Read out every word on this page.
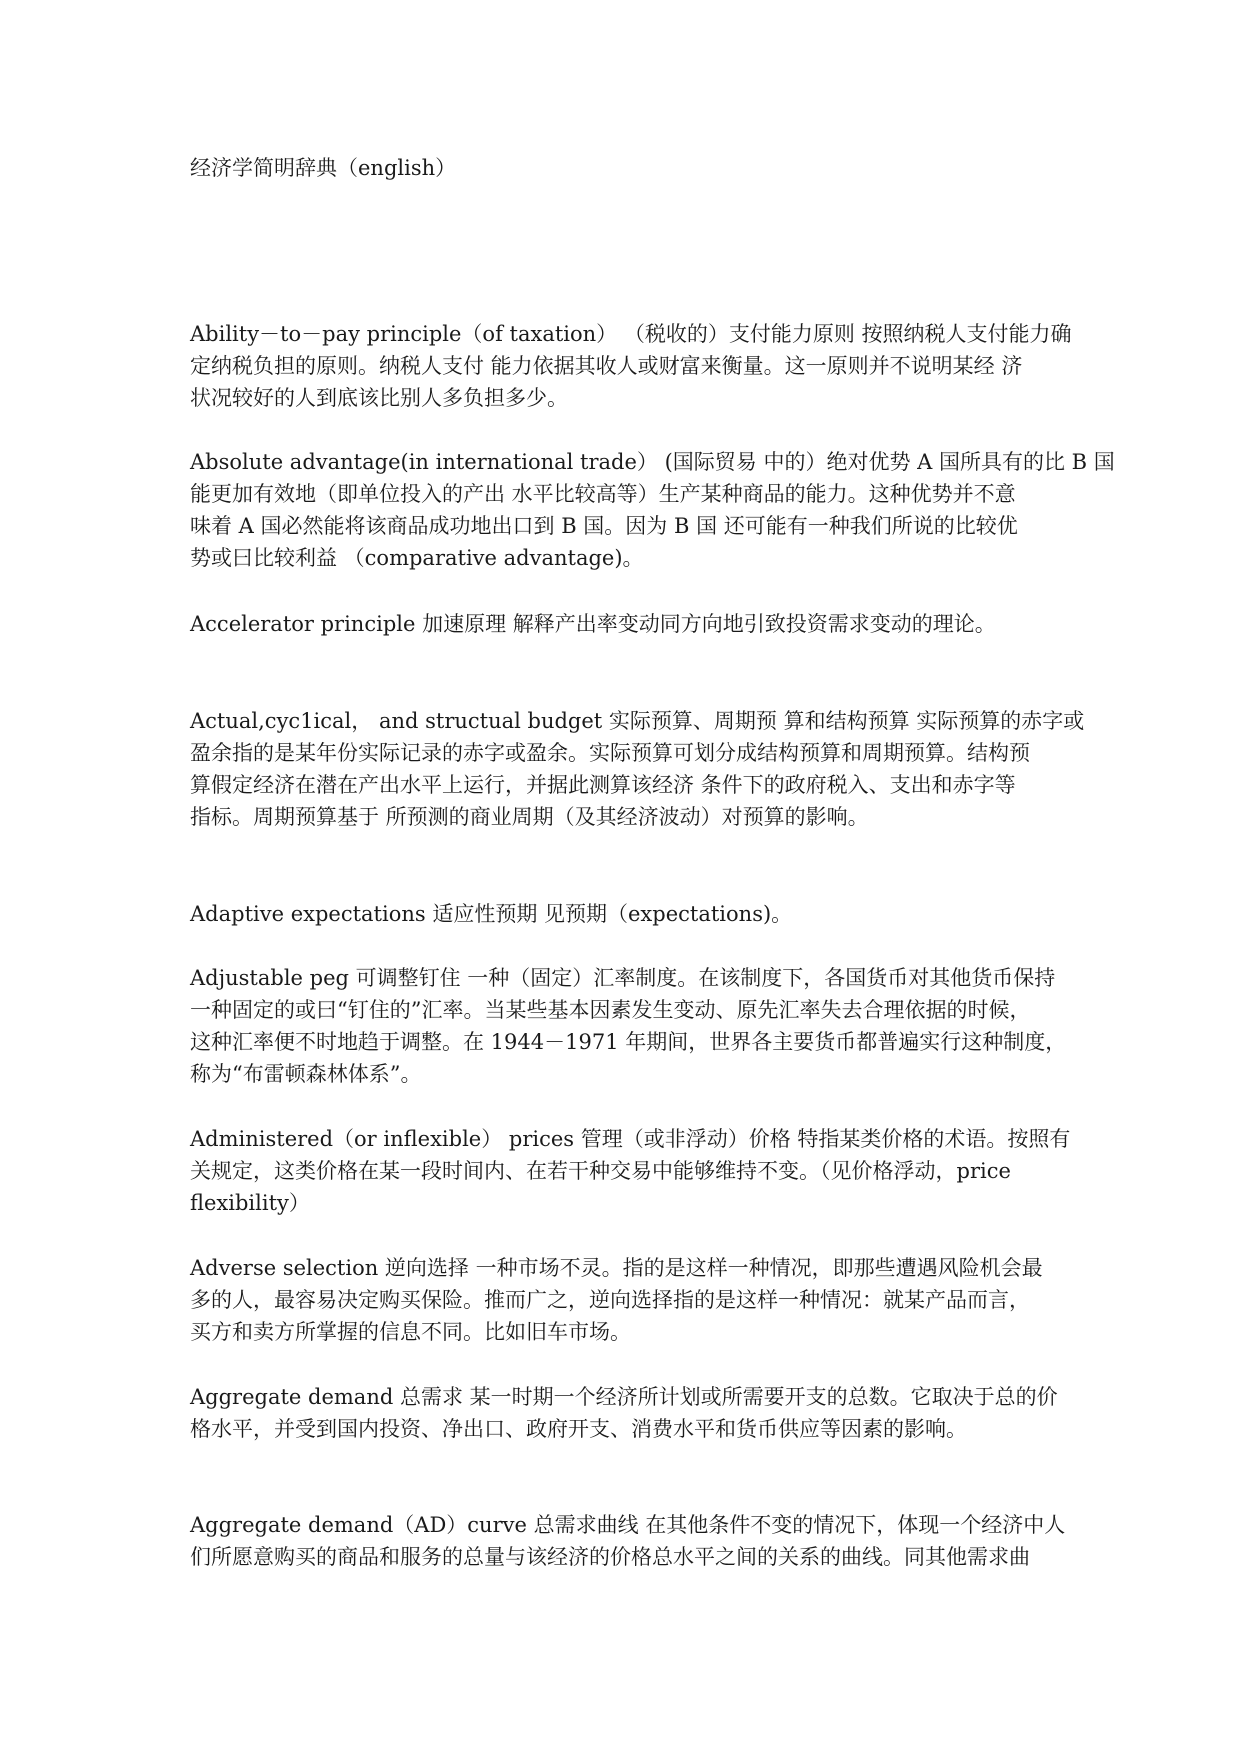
经济学简明辞典（english）
Ability－to－pay principle（of taxation） （税收的）支付能力原则 按照纳税人支付能力确
定纳税负担的原则。纳税人支付 能力依据其收人或财富来衡量。这一原则并不说明某经 济
状况较好的人到底该比别人多负担多少。
Absolute advantage(in international trade） (国际贸易 中的）绝对优势 A 国所具有的比 B 国
能更加有效地（即单位投入的产出 水平比较高等）生产某种商品的能力。这种优势并不意
味着 A 国必然能将该商品成功地出口到 B 国。因为 B 国 还可能有一种我们所说的比较优
势或曰比较利益 （comparative advantage)。
Accelerator principle 加速原理 解释产出率变动同方向地引致投资需求变动的理论。
Actual,cyc1ical， and structual budget 实际预算、周期预 算和结构预算 实际预算的赤字或
盈余指的是某年份实际记录的赤字或盈余。实际预算可划分成结构预算和周期预算。结构预
算假定经济在潜在产出水平上运行，并据此测算该经济 条件下的政府税入、支出和赤字等
指标。周期预算基于 所预测的商业周期（及其经济波动）对预算的影响。
Adaptive expectations 适应性预期 见预期（expectations)。
Adjustable peg 可调整钉住 一种（固定）汇率制度。在该制度下，各国货币对其他货币保持
一种固定的或曰“钉住的”汇率。当某些基本因素发生变动、原先汇率失去合理依据的时候，
这种汇率便不时地趋于调整。在 1944－1971 年期间，世界各主要货币都普遍实行这种制度，
称为“布雷顿森林体系”。
Administered（or inflexible） prices 管理（或非浮动）价格 特指某类价格的术语。按照有
关规定，这类价格在某一段时间内、在若干种交易中能够维持不变。（见价格浮动，price
flexibility）
Adverse selection 逆向选择 一种市场不灵。指的是这样一种情况，即那些遭遇风险机会最
多的人，最容易决定购买保险。推而广之，逆向选择指的是这样一种情况：就某产品而言，
买方和卖方所掌握的信息不同。比如旧车市场。
Aggregate demand 总需求 某一时期一个经济所计划或所需要开支的总数。它取决于总的价
格水平，并受到国内投资、净出口、政府开支、消费水平和货币供应等因素的影响。
Aggregate demand（AD）curve 总需求曲线 在其他条件不变的情况下，体现一个经济中人
们所愿意购买的商品和服务的总量与该经济的价格总水平之间的关系的曲线。同其他需求曲
